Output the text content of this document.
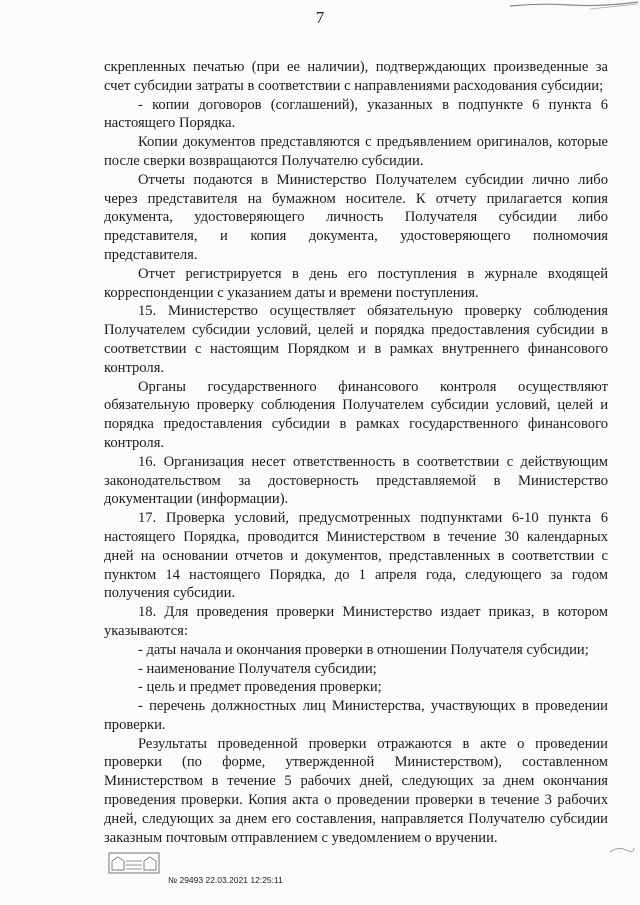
7

скрепленных печатью (при ее наличии), подтверждающих произведенные за счет субсидии затраты в соответствии с направлениями расходования субсидии;

- копии договоров (соглашений), указанных в подпункте 6 пункта 6 настоящего Порядка.

Копии документов представляются с предъявлением оригиналов, которые после сверки возвращаются Получателю субсидии.

Отчеты подаются в Министерство Получателем субсидии лично либо через представителя на бумажном носителе. К отчету прилагается копия документа, удостоверяющего личность Получателя субсидии либо представителя, и копия документа, удостоверяющего полномочия представителя.

Отчет регистрируется в день его поступления в журнале входящей корреспонденции с указанием даты и времени поступления.

15. Министерство осуществляет обязательную проверку соблюдения Получателем субсидии условий, целей и порядка предоставления субсидии в соответствии с настоящим Порядком и в рамках внутреннего финансового контроля.

Органы государственного финансового контроля осуществляют обязательную проверку соблюдения Получателем субсидии условий, целей и порядка предоставления субсидии в рамках государственного финансового контроля.

16. Организация несет ответственность в соответствии с действующим законодательством за достоверность представляемой в Министерство документации (информации).

17. Проверка условий, предусмотренных подпунктами 6-10 пункта 6 настоящего Порядка, проводится Министерством в течение 30 календарных дней на основании отчетов и документов, представленных в соответствии с пунктом 14 настоящего Порядка, до 1 апреля года, следующего за годом получения субсидии.

18. Для проведения проверки Министерство издает приказ, в котором указываются:

- даты начала и окончания проверки в отношении Получателя субсидии;

- наименование Получателя субсидии;

- цель и предмет проведения проверки;

- перечень должностных лиц Министерства, участвующих в проведении проверки.

Результаты проведенной проверки отражаются в акте о проведении проверки (по форме, утвержденной Министерством), составленном Министерством в течение 5 рабочих дней, следующих за днем окончания проведения проверки. Копия акта о проведении проверки в течение 3 рабочих дней, следующих за днем его составления, направляется Получателю субсидии заказным почтовым отправлением с уведомлением о вручении.

№ 29493 22.03.2021 12:25:11
